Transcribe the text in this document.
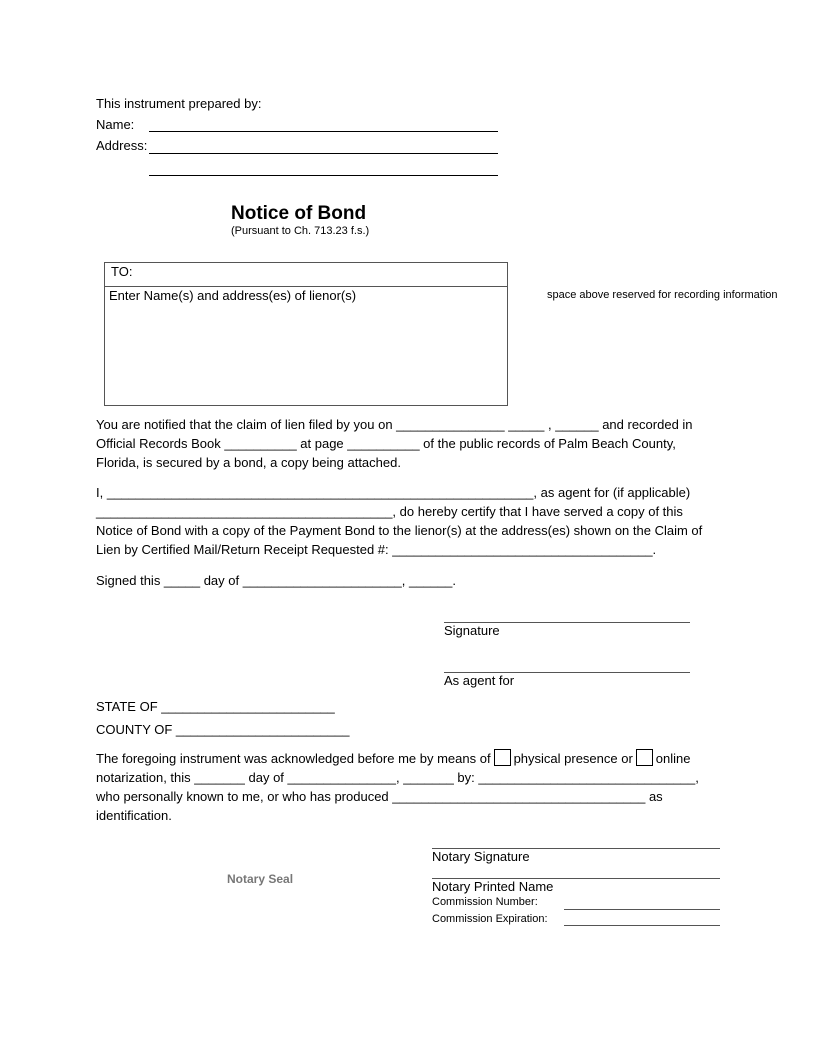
This instrument prepared by:
Name:
Address:
Notice of Bond
(Pursuant to Ch. 713.23 f.s.)
TO:
Enter Name(s) and address(es) of lienor(s)	space above reserved for recording information
You are notified that the claim of lien filed by you on _______________ _____ , ______ and recorded in
Official Records Book __________ at page __________ of the public records of Palm Beach County,
Florida, is secured by a bond, a copy being attached.
I, ___________________________________________________________, as agent for (if applicable)
_________________________________________, do hereby certify that I have served a copy of this
Notice of Bond with a copy of the Payment Bond to the lienor(s) at the address(es) shown on the Claim of
Lien by Certified Mail/Return Receipt Requested #: ____________________________________.
Signed this _____ day of ______________________, ______.
Signature
As agent for
STATE OF ________________________
COUNTY OF ________________________
The foregoing instrument was acknowledged before me by means of physical presence or online
notarization, this _______ day of _______________, _______ by: ______________________________,
who personally known to me, or who has produced ___________________________________ as
identification.
Notary Seal
Notary Signature
Notary Printed Name
Commission Number:
Commission Expiration:
